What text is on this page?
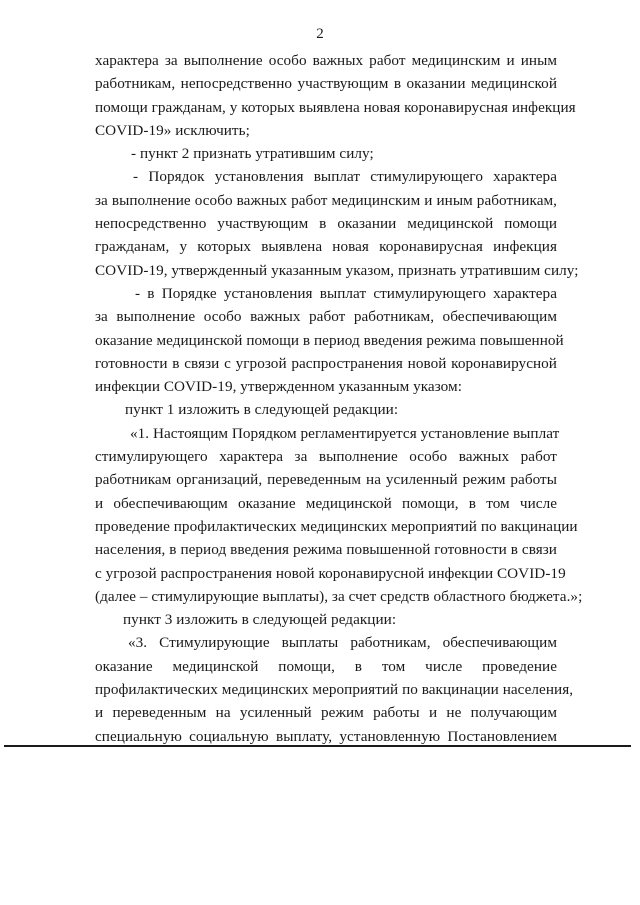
2

характера за выполнение особо важных работ медицинским и иным

работникам, непосредственно участвующим в оказании медицинской

помощи гражданам, у которых выявлена новая коронавирусная инфекция

COVID-19» исключить;

- пункт 2 признать утратившим силу;

- Порядок установления выплат стимулирующего характера

за выполнение особо важных работ медицинским и иным работникам,

непосредственно участвующим в оказании медицинской помощи

гражданам, у которых выявлена новая коронавирусная инфекция

COVID-19, утвержденный указанным указом, признать утратившим силу;

- в Порядке установления выплат стимулирующего характера

за выполнение особо важных работ работникам, обеспечивающим

оказание медицинской помощи в период введения режима повышенной

готовности в связи с угрозой распространения новой коронавирусной

инфекции COVID-19, утвержденном указанным указом:

пункт 1 изложить в следующей редакции:

«1. Настоящим Порядком регламентируется установление выплат

стимулирующего характера за выполнение особо важных работ

работникам организаций, переведенным на усиленный режим работы

и обеспечивающим оказание медицинской помощи, в том числе

проведение профилактических медицинских мероприятий по вакцинации

населения, в период введения режима повышенной готовности в связи

с угрозой распространения новой коронавирусной инфекции COVID-19

(далее – стимулирующие выплаты), за счет средств областного бюджета.»;

пункт 3 изложить в следующей редакции:

«3. Стимулирующие выплаты работникам, обеспечивающим

оказание медицинской помощи, в том числе проведение

профилактических медицинских мероприятий по вакцинации населения,

и переведенным на усиленный режим работы и не получающим

специальную социальную выплату, установленную Постановлением
